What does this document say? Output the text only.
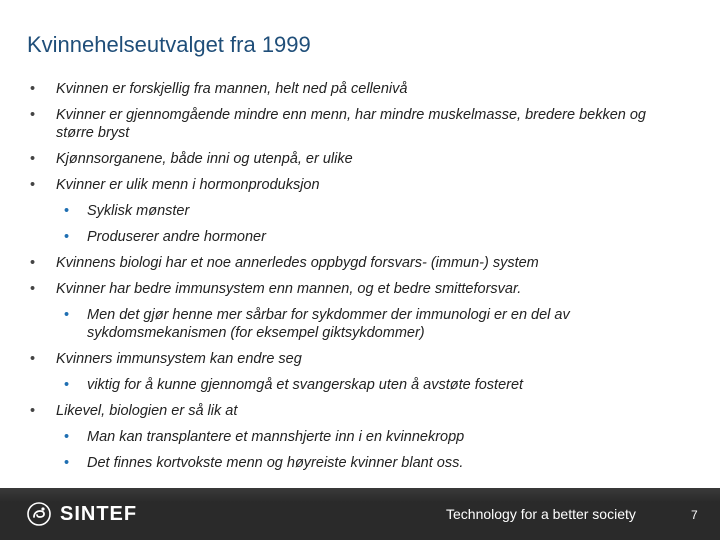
Kvinnehelseutvalget fra 1999
• Kvinnen er forskjellig fra mannen, helt ned på cellenivå
• Kvinner er gjennomgående mindre enn menn, har mindre muskelmasse, bredere bekken og større bryst
• Kjønnsorganene, både inni og utenpå, er ulike
• Kvinner er ulik menn i hormonproduksjon
• Syklisk mønster
• Produserer andre hormoner
• Kvinnens biologi har et noe annerledes oppbygd forsvars- (immun-) system
• Kvinner har bedre immunsystem enn mannen, og et bedre smitteforsvar.
• Men det gjør henne mer sårbar for sykdommer der immunologi er en del av sykdomsmekanismen (for eksempel giktsykdommer)
• Kvinners immunsystem kan endre seg
• viktig for å kunne gjennomgå et svangerskap uten å avstøte fosteret
• Likevel, biologien er så lik at
• Man kan transplantere et mannshjerte inn i en kvinnekropp
• Det finnes kortvokste menn og høyreiste kvinner blant oss.
SINTEF	Technology for a better society	7
